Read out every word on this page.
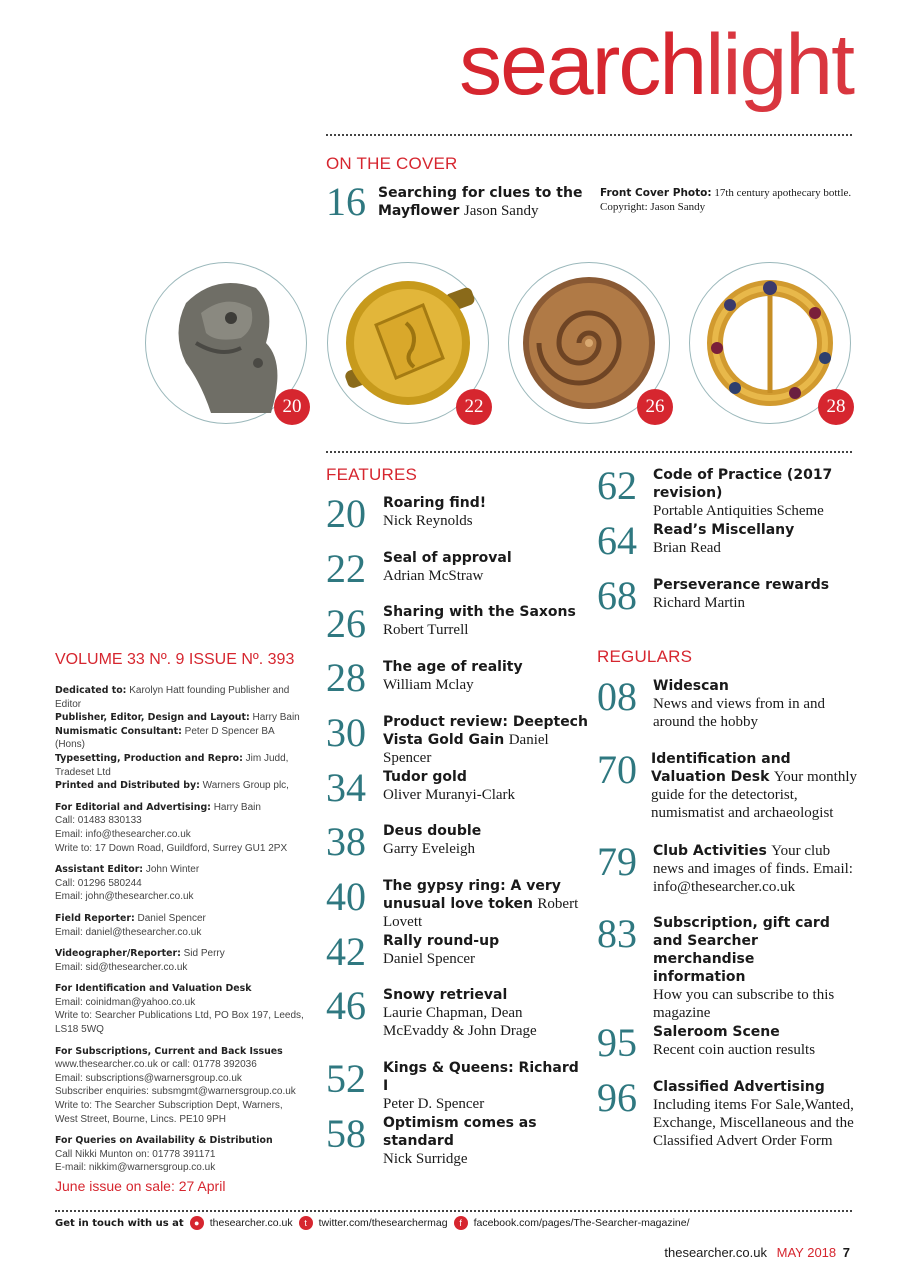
searchlight
ON THE COVER
16 Searching for clues to the Mayflower Jason Sandy
Front Cover Photo: 17th century apothecary bottle.
Copyright: Jason Sandy
20	22	26	28
FEATURES
20 Roaring find!
Nick Reynolds
22 Seal of approval
Adrian McStraw
26 Sharing with the Saxons
Robert Turrell
28 The age of reality
William Mclay
30 Product review: Deeptech Vista Gold Gain Daniel Spencer
34 Tudor gold
Oliver Muranyi-Clark
38 Deus double
Garry Eveleigh
40 The gypsy ring: A very unusual love token Robert Lovett
42 Rally round-up
Daniel Spencer
46 Snowy retrieval
Laurie Chapman, Dean McEvaddy & John Drage
52 Kings & Queens: Richard I
Peter D. Spencer
58 Optimism comes as standard
Nick Surridge
62 Code of Practice (2017 revision)
Portable Antiquities Scheme
64 Read’s Miscellany
Brian Read
68 Perseverance rewards
Richard Martin
REGULARS
08 Widescan
News and views from in and around the hobby
70 Identification and Valuation Desk Your monthly guide for the detectorist, numismatist and archaeologist
79 Club Activities Your club news and images of finds. Email: info@thesearcher.co.uk
83 Subscription, gift card and Searcher merchandise information
How you can subscribe to this magazine
95 Saleroom Scene Recent coin auction results
96 Classified Advertising
Including items For Sale,Wanted, Exchange, Miscellaneous and the Classified Advert Order Form
VOLUME 33 Nº. 9 ISSUE Nº. 393
Dedicated to: Karolyn Hatt founding Publisher and Editor
Publisher, Editor, Design and Layout: Harry Bain
Numismatic Consultant: Peter D Spencer BA (Hons)
Typesetting, Production and Repro: Jim Judd, Tradeset Ltd
Printed and Distributed by: Warners Group plc,
For Editorial and Advertising: Harry Bain
Call: 01483 830133
Email: info@thesearcher.co.uk
Write to: 17 Down Road, Guildford, Surrey GU1 2PX
Assistant Editor: John Winter
Call: 01296 580244
Email: john@thesearcher.co.uk
Field Reporter: Daniel Spencer
Email: daniel@thesearcher.co.uk
Videographer/Reporter: Sid Perry
Email: sid@thesearcher.co.uk
For Identification and Valuation Desk
Email: coinidman@yahoo.co.uk
Write to: Searcher Publications Ltd, PO Box 197, Leeds, LS18 5WQ
For Subscriptions, Current and Back Issues
www.thesearcher.co.uk or call: 01778 392036
Email: subscriptions@warnersgroup.co.uk
Subscriber enquiries: subsmgmt@warnersgroup.co.uk
Write to: The Searcher Subscription Dept, Warners, West Street, Bourne, Lincs. PE10 9PH
For Queries on Availability & Distribution
Call Nikki Munton on: 01778 391171
E-mail: nikkim@warnersgroup.co.uk
June issue on sale: 27 April
Get in touch with us at	● thesearcher.co.uk	t	twitter.com/thesearchermag	f	facebook.com/pages/The-Searcher-magazine/
thesearcher.co.uk MAY 2018 7
